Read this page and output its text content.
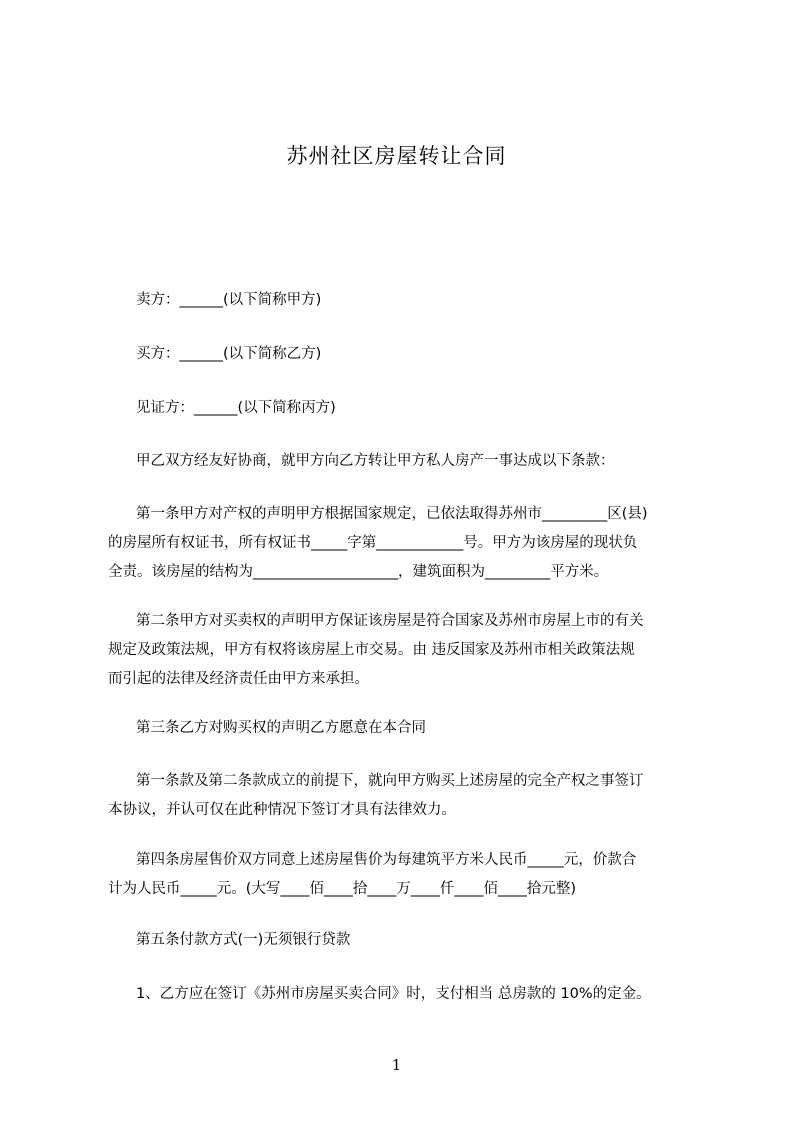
苏州社区房屋转让合同
卖方：______(以下简称甲方)
买方：______(以下简称乙方)
见证方：______(以下简称丙方)
甲乙双方经友好协商，就甲方向乙方转让甲方私人房产一事达成以下条款：
第一条甲方对产权的声明甲方根据国家规定，已依法取得苏州市_________区(县)
的房屋所有权证书，所有权证书_____字第____________号。甲方为该房屋的现状负
全责。该房屋的结构为____________________，建筑面积为_________平方米。
第二条甲方对买卖权的声明甲方保证该房屋是符合国家及苏州市房屋上市的有关
规定及政策法规，甲方有权将该房屋上市交易。由 违反国家及苏州市相关政策法规
而引起的法律及经济责任由甲方来承担。
第三条乙方对购买权的声明乙方愿意在本合同
第一条款及第二条款成立的前提下，就向甲方购买上述房屋的完全产权之事签订
本协议，并认可仅在此种情况下签订才具有法律效力。
第四条房屋售价双方同意上述房屋售价为每建筑平方米人民币_____元，价款合
计为人民币_____元。(大写____佰____拾____万____仟____佰____拾元整)
第五条付款方式(一)无须银行贷款
1、乙方应在签订《苏州市房屋买卖合同》时，支付相当 总房款的 10%的定金。
1
